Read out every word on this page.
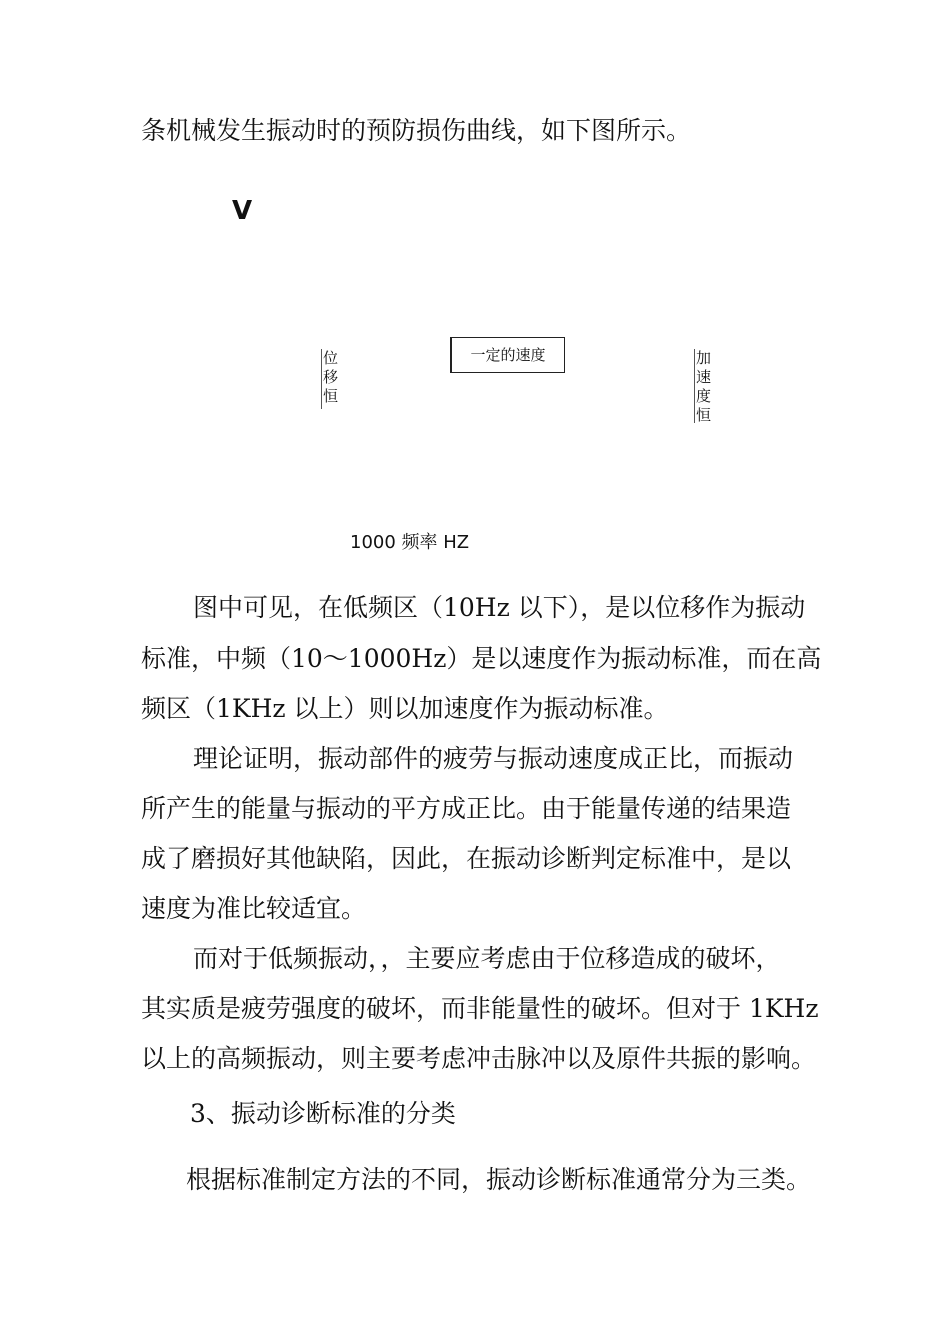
条机械发生振动时的预防损伤曲线，如下图所示。
V
位移恒
一定的速度	加速度恒
1000 频率 HZ
图中可见，在低频区（10Hz 以下），是以位移作为振动
标准，中频（10～1000Hz）是以速度作为振动标准，而在高
频区（1KHz 以上）则以加速度作为振动标准。
理论证明，振动部件的疲劳与振动速度成正比，而振动
所产生的能量与振动的平方成正比。由于能量传递的结果造
成了磨损好其他缺陷，因此，在振动诊断判定标准中，是以
速度为准比较适宜。
而对于低频振动，，主要应考虑由于位移造成的破坏，
其实质是疲劳强度的破坏，而非能量性的破坏。但对于 1KHz
以上的高频振动，则主要考虑冲击脉冲以及原件共振的影响。
3、振动诊断标准的分类
根据标准制定方法的不同，振动诊断标准通常分为三类。
